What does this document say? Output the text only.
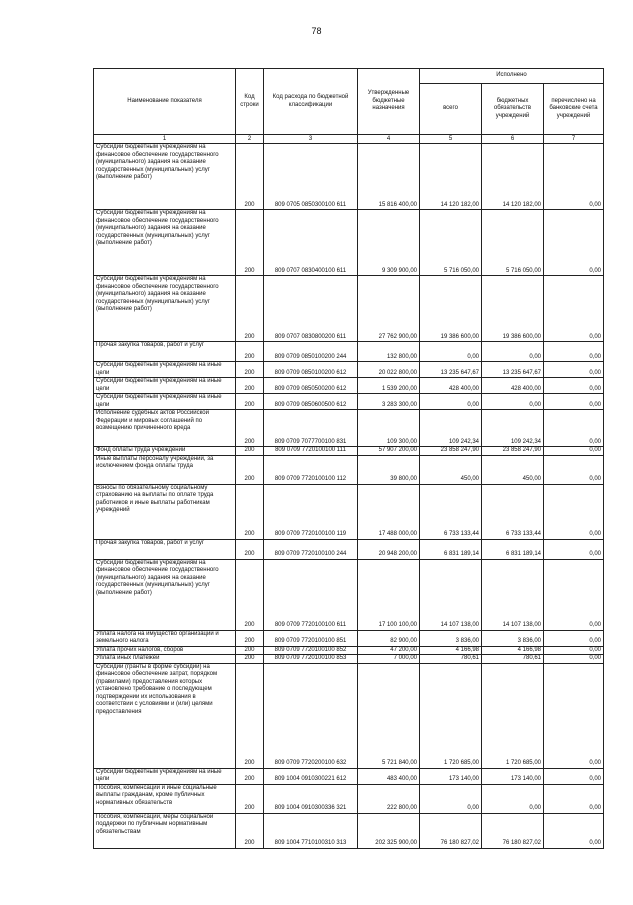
78
Наименование показателя	Код строки	Код расхода по бюджетной классификации	Утвержденные бюджетные назначения	Исполнено		
				всего	бюджетных обязательств учреждений	перечислено на банковские счета учреждений
1	2	3	4	5	6	7
Субсидии бюджетным учреждениям на финансовое обеспечение государственного (муниципального) задания на оказание государственных (муниципальных) услуг (выполнение работ)	200	809 0705 0850300100 611	15 816 400,00	14 120 182,00	14 120 182,00	0,00
Субсидии бюджетным учреждениям на финансовое обеспечение государственного (муниципального) задания на оказание государственных (муниципальных) услуг (выполнение работ)	200	809 0707 0830400100 611	9 309 900,00	5 716 050,00	5 716 050,00	0,00
Субсидии бюджетным учреждениям на финансовое обеспечение государственного (муниципального) задания на оказание государственных (муниципальных) услуг (выполнение работ)	200	809 0707 0830800200 611	27 762 900,00	19 386 600,00	19 386 600,00	0,00
Прочая закупка товаров, работ и услуг	200	809 0709 0850100200 244	132 800,00	0,00	0,00	0,00
Субсидии бюджетным учреждениям на иные цели	200	809 0709 0850100200 612	20 022 800,00	13 235 647,67	13 235 647,67	0,00
Субсидии бюджетным учреждениям на иные цели	200	809 0709 0850500200 612	1 539 200,00	428 400,00	428 400,00	0,00
Субсидии бюджетным учреждениям на иные цели	200	809 0709 0850600500 612	3 283 300,00	0,00	0,00	0,00
Исполнение судебных актов Российской Федерации и мировых соглашений по возмещению причиненного вреда	200	809 0709 7077700100 831	109 300,00	109 242,34	109 242,34	0,00
Фонд оплаты труда учреждений	200	809 0709 7720100100 111	57 907 200,00	23 858 247,90	23 858 247,90	0,00
Иные выплаты персоналу учреждений, за исключением фонда оплаты труда	200	809 0709 7720100100 112	39 800,00	450,00	450,00	0,00
Взносы по обязательному социальному страхованию на выплаты по оплате труда работников и иные выплаты работникам учреждений	200	809 0709 7720100100 119	17 488 000,00	6 733 133,44	6 733 133,44	0,00
Прочая закупка товаров, работ и услуг	200	809 0709 7720100100 244	20 948 200,00	6 831 189,14	6 831 189,14	0,00
Субсидии бюджетным учреждениям на финансовое обеспечение государственного (муниципального) задания на оказание государственных (муниципальных) услуг (выполнение работ)	200	809 0709 7720100100 611	17 100 100,00	14 107 138,00	14 107 138,00	0,00
Уплата налога на имущество организаций и земельного налога	200	809 0709 7720100100 851	82 900,00	3 836,00	3 836,00	0,00
Уплата прочих налогов, сборов	200	809 0709 7720100100 852	47 200,00	4 166,98	4 166,98	0,00
Уплата иных платежей	200	809 0709 7720100100 853	7 000,00	780,61	780,61	0,00
Субсидии (гранты в форме субсидий) на финансовое обеспечение затрат, порядком (правилами) предоставления которых установлено требование о последующем подтверждении их использования в соответствии с условиями и (или) целями предоставления	200	809 0709 7720200100 632	5 721 840,00	1 720 685,00	1 720 685,00	0,00
Субсидии бюджетным учреждениям на иные цели	200	809 1004 0910300221 612	483 400,00	173 140,00	173 140,00	0,00
Пособия, компенсации и иные социальные выплаты гражданам, кроме публичных нормативных обязательств	200	809 1004 0910300336 321	222 800,00	0,00	0,00	0,00
Пособия, компенсации, меры социальной поддержки по публичным нормативным обязательствам	200	809 1004 7710100310 313	202 325 900,00	76 180 827,02	76 180 827,02	0,00
